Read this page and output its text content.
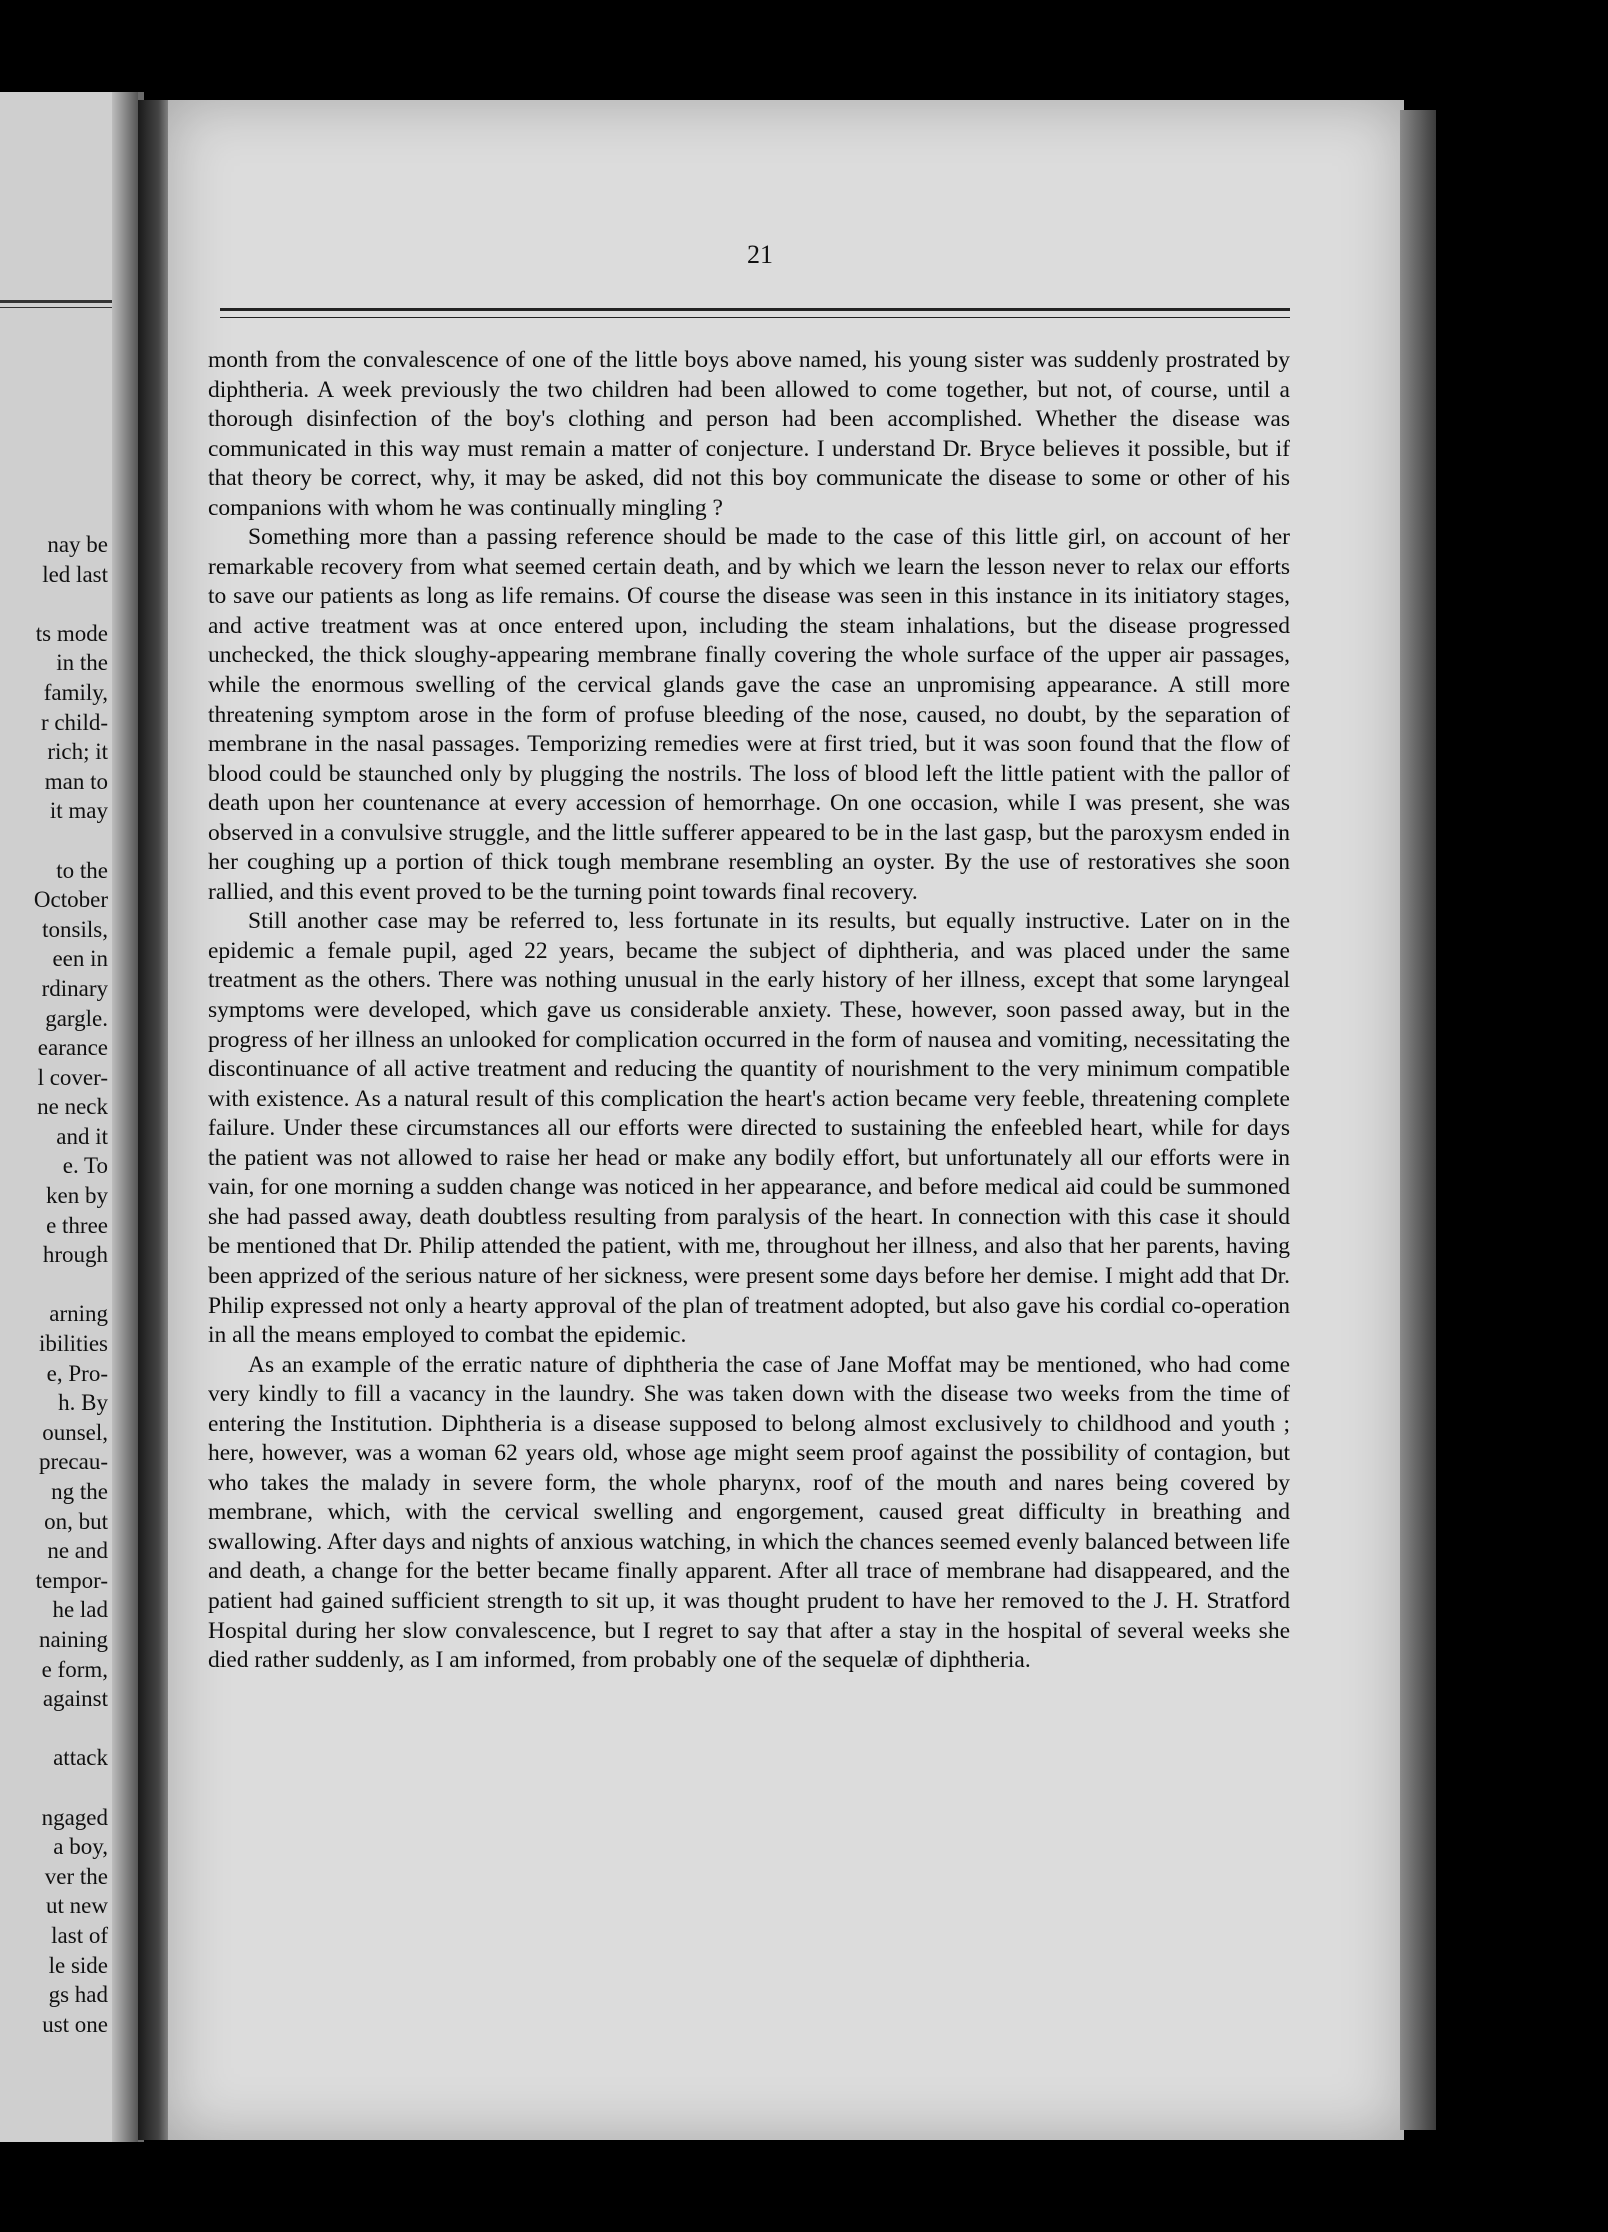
nay be
led last

ts mode
in the
family,
r child-
rich; it
man to
it may

to the
October
tonsils,
een in
rdinary
gargle.
earance
l cover-
ne neck
and it
e. To
ken by
e three
hrough

arning
ibilities
e, Pro-
h. By
ounsel,
precau-
ng the
on, but
ne and
tempor-
he lad
naining
e form,
against

attack

ngaged
a boy,
ver the
ut new
last of
le side
gs had
ust one
21

month from the convalescence of one of the little boys above named, his young sister was suddenly prostrated by diphtheria. A week previously the two children had been allowed to come together, but not, of course, until a thorough disinfection of the boy's clothing and person had been accomplished. Whether the disease was communicated in this way must remain a matter of conjecture. I understand Dr. Bryce believes it possible, but if that theory be correct, why, it may be asked, did not this boy communicate the disease to some or other of his companions with whom he was continually mingling ?

Something more than a passing reference should be made to the case of this little girl, on account of her remarkable recovery from what seemed certain death, and by which we learn the lesson never to relax our efforts to save our patients as long as life remains. Of course the disease was seen in this instance in its initiatory stages, and active treatment was at once entered upon, including the steam inhalations, but the disease progressed unchecked, the thick sloughy-appearing membrane finally covering the whole surface of the upper air passages, while the enormous swelling of the cervical glands gave the case an unpromising appearance. A still more threatening symptom arose in the form of profuse bleeding of the nose, caused, no doubt, by the separation of membrane in the nasal passages. Temporizing remedies were at first tried, but it was soon found that the flow of blood could be staunched only by plugging the nostrils. The loss of blood left the little patient with the pallor of death upon her countenance at every accession of hemorrhage. On one occasion, while I was present, she was observed in a convulsive struggle, and the little sufferer appeared to be in the last gasp, but the paroxysm ended in her coughing up a portion of thick tough membrane resembling an oyster. By the use of restoratives she soon rallied, and this event proved to be the turning point towards final recovery.

Still another case may be referred to, less fortunate in its results, but equally instructive. Later on in the epidemic a female pupil, aged 22 years, became the subject of diphtheria, and was placed under the same treatment as the others. There was nothing unusual in the early history of her illness, except that some laryngeal symptoms were developed, which gave us considerable anxiety. These, however, soon passed away, but in the progress of her illness an unlooked for complication occurred in the form of nausea and vomiting, necessitating the discontinuance of all active treatment and reducing the quantity of nourishment to the very minimum compatible with existence. As a natural result of this complication the heart's action became very feeble, threatening complete failure. Under these circumstances all our efforts were directed to sustaining the enfeebled heart, while for days the patient was not allowed to raise her head or make any bodily effort, but unfortunately all our efforts were in vain, for one morning a sudden change was noticed in her appearance, and before medical aid could be summoned she had passed away, death doubtless resulting from paralysis of the heart. In connection with this case it should be mentioned that Dr. Philip attended the patient, with me, throughout her illness, and also that her parents, having been apprized of the serious nature of her sickness, were present some days before her demise. I might add that Dr. Philip expressed not only a hearty approval of the plan of treatment adopted, but also gave his cordial co-operation in all the means employed to combat the epidemic.

As an example of the erratic nature of diphtheria the case of Jane Moffat may be mentioned, who had come very kindly to fill a vacancy in the laundry. She was taken down with the disease two weeks from the time of entering the Institution. Diphtheria is a disease supposed to belong almost exclusively to childhood and youth ; here, however, was a woman 62 years old, whose age might seem proof against the possibility of contagion, but who takes the malady in severe form, the whole pharynx, roof of the mouth and nares being covered by membrane, which, with the cervical swelling and engorgement, caused great difficulty in breathing and swallowing. After days and nights of anxious watching, in which the chances seemed evenly balanced between life and death, a change for the better became finally apparent. After all trace of membrane had disappeared, and the patient had gained sufficient strength to sit up, it was thought prudent to have her removed to the J. H. Stratford Hospital during her slow convalescence, but I regret to say that after a stay in the hospital of several weeks she died rather suddenly, as I am informed, from probably one of the sequelæ of diphtheria.
